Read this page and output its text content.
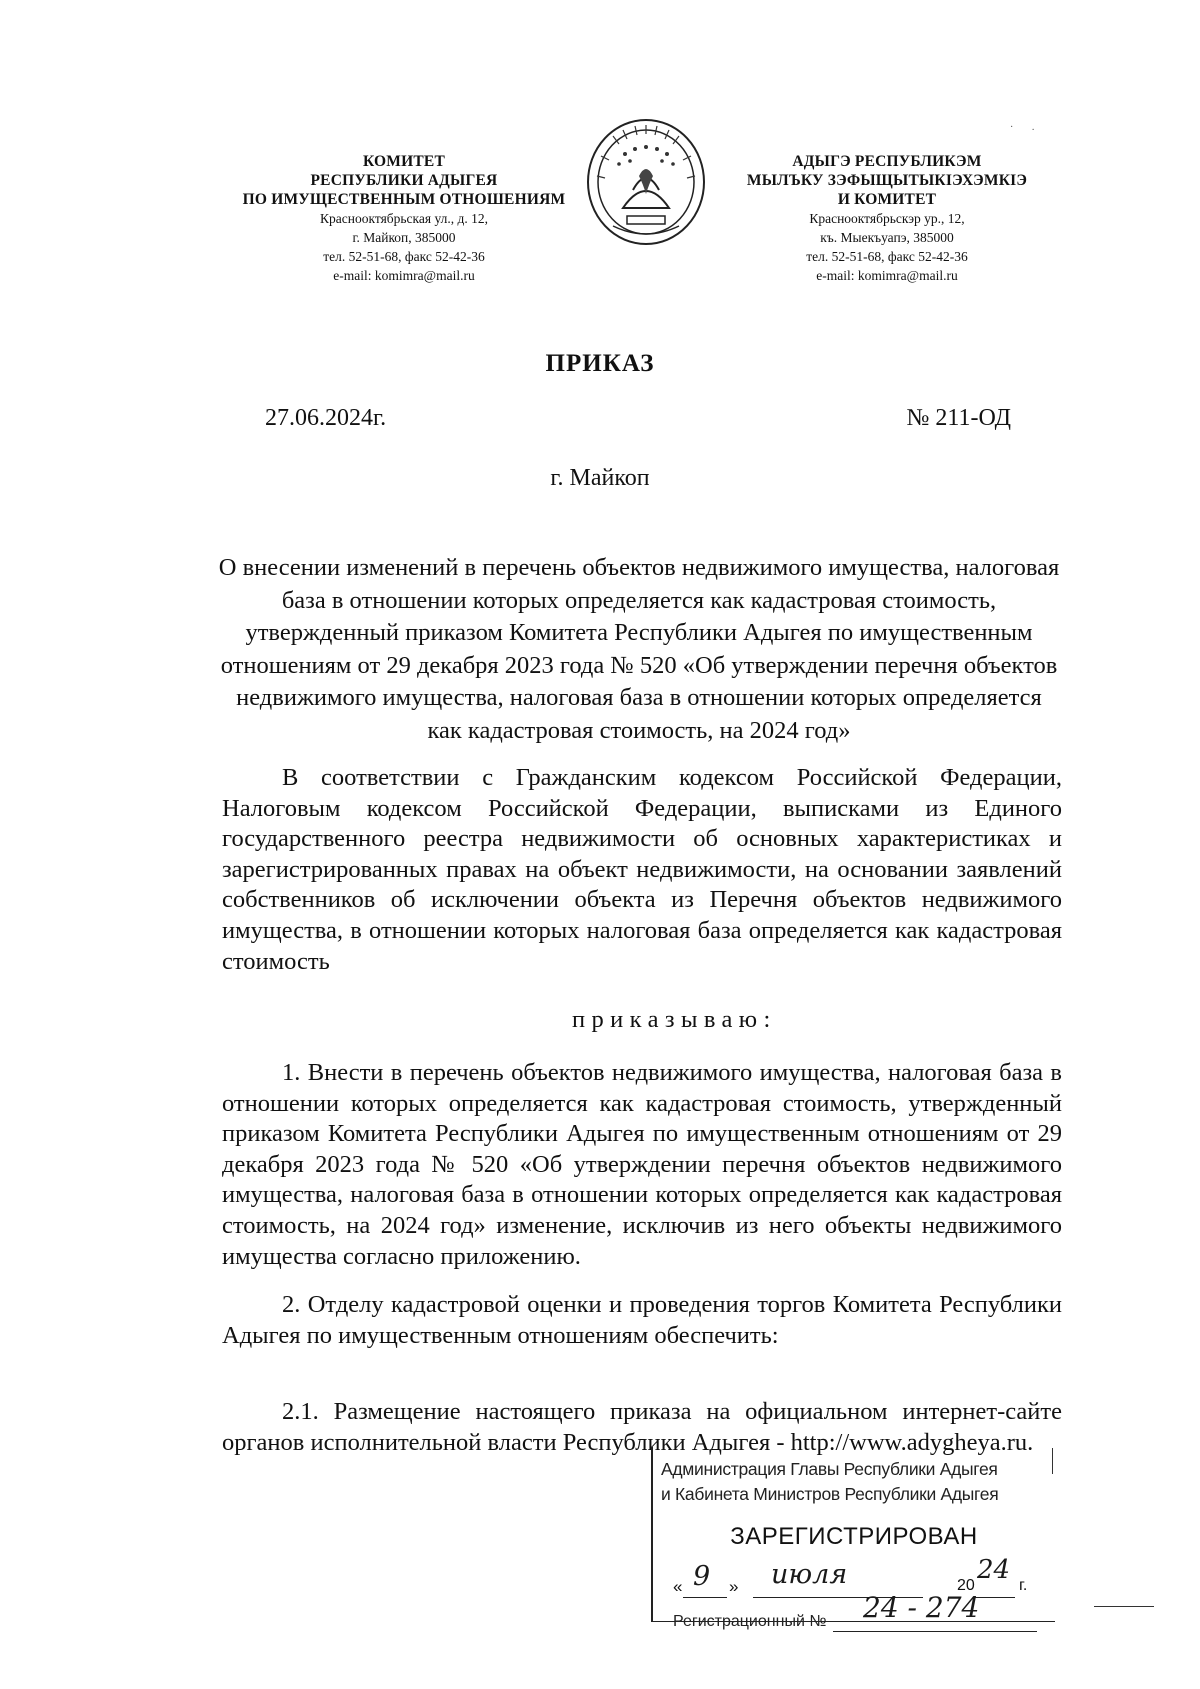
КОМИТЕТ
РЕСПУБЛИКИ АДЫГЕЯ
ПО ИМУЩЕСТВЕННЫМ ОТНОШЕНИЯМ
Краснооктябрьская ул., д. 12,
г. Майкоп, 385000
тел. 52-51-68, факс 52-42-36
e-mail: komimra@mail.ru
· .
АДЫГЭ РЕСПУБЛИКЭМ
МЫЛЪКУ ЗЭФЫЩЫТЫКIЭХЭМКIЭ
И КОМИТЕТ
Краснооктябрьскэр ур., 12,
къ. Мыекъуапэ, 385000
тел. 52-51-68, факс 52-42-36
e-mail: komimra@mail.ru
ПРИКАЗ
27.06.2024г.	№ 211-ОД
г. Майкоп
О внесении изменений в перечень объектов недвижимого имущества, налоговая база в отношении которых определяется как кадастровая стоимость, утвержденный приказом Комитета Республики Адыгея по имущественным отношениям от 29 декабря 2023 года № 520 «Об утверждении перечня объектов недвижимого имущества, налоговая база в отношении которых определяется как кадастровая стоимость, на 2024 год»
В соответствии с Гражданским кодексом Российской Федерации, Налоговым кодексом Российской Федерации, выписками из Единого государственного реестра недвижимости об основных характеристиках и зарегистрированных правах на объект недвижимости, на основании заявлений собственников об исключении объекта из Перечня объектов недвижимого имущества, в отношении которых налоговая база определяется как кадастровая стоимость
приказываю:
1. Внести в перечень объектов недвижимого имущества, налоговая база в отношении которых определяется как кадастровая стоимость, утвержденный приказом Комитета Республики Адыгея по имущественным отношениям от 29 декабря 2023 года № 520 «Об утверждении перечня объектов недвижимого имущества, налоговая база в отношении которых определяется как кадастровая стоимость, на 2024 год» изменение, исключив из него объекты недвижимого имущества согласно приложению.
2. Отделу кадастровой оценки и проведения торгов Комитета Республики Адыгея по имущественным отношениям обеспечить:
2.1. Размещение настоящего приказа на официальном интернет-сайте органов исполнительной власти Республики Адыгея - http://www.adygheya.ru.
Администрация Главы Республики Адыгея
и Кабинета Министров Республики Адыгея
ЗАРЕГИСТРИРОВАН
« 9 » июля	20
24
г.
Регистрационный № 24 - 274
